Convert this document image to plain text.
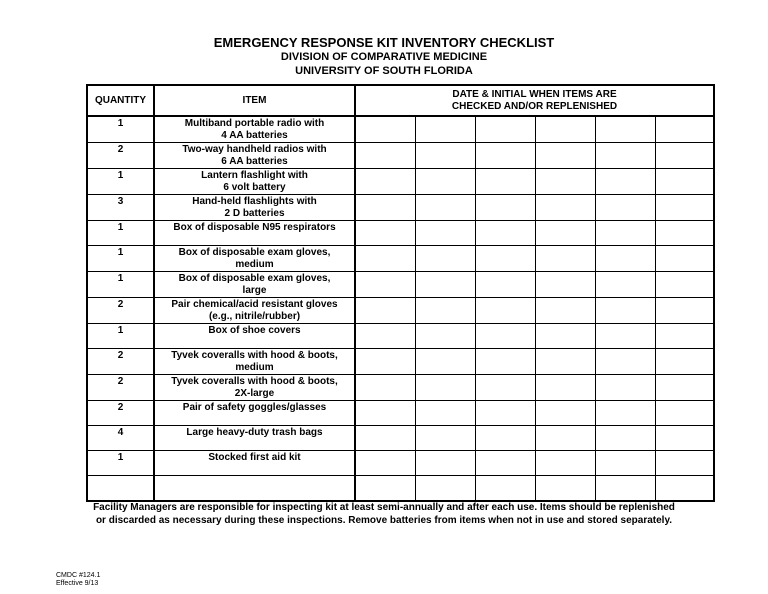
EMERGENCY RESPONSE KIT INVENTORY CHECKLIST
DIVISION OF COMPARATIVE MEDICINE
UNIVERSITY OF SOUTH FLORIDA
QUANTITY	ITEM	DATE & INITIAL WHEN ITEMS ARE
CHECKED AND/OR REPLENISHED					

1	Multiband portable radio with
4 AA batteries						

2	Two-way handheld radios with
6 AA batteries						

1	Lantern flashlight with
6 volt battery						

3	Hand-held flashlights with
2 D batteries						

1	Box of disposable N95 respirators						

1	Box of disposable exam gloves,
medium						

1	Box of disposable exam gloves,
large						

2	Pair chemical/acid resistant gloves
(e.g., nitrile/rubber)						

1	Box of shoe covers						

2	Tyvek coveralls with hood & boots,
medium						

2	Tyvek coveralls with hood & boots,
2X-large						

2	Pair of safety goggles/glasses						

4	Large heavy-duty trash bags						

1	Stocked first aid kit						

Facility Managers are responsible for inspecting kit at least semi-annually and after each use. Items should be replenished
or discarded as necessary during these inspections. Remove batteries from items when not in use and stored separately.
CMDC #124.1
Effective 9/13
